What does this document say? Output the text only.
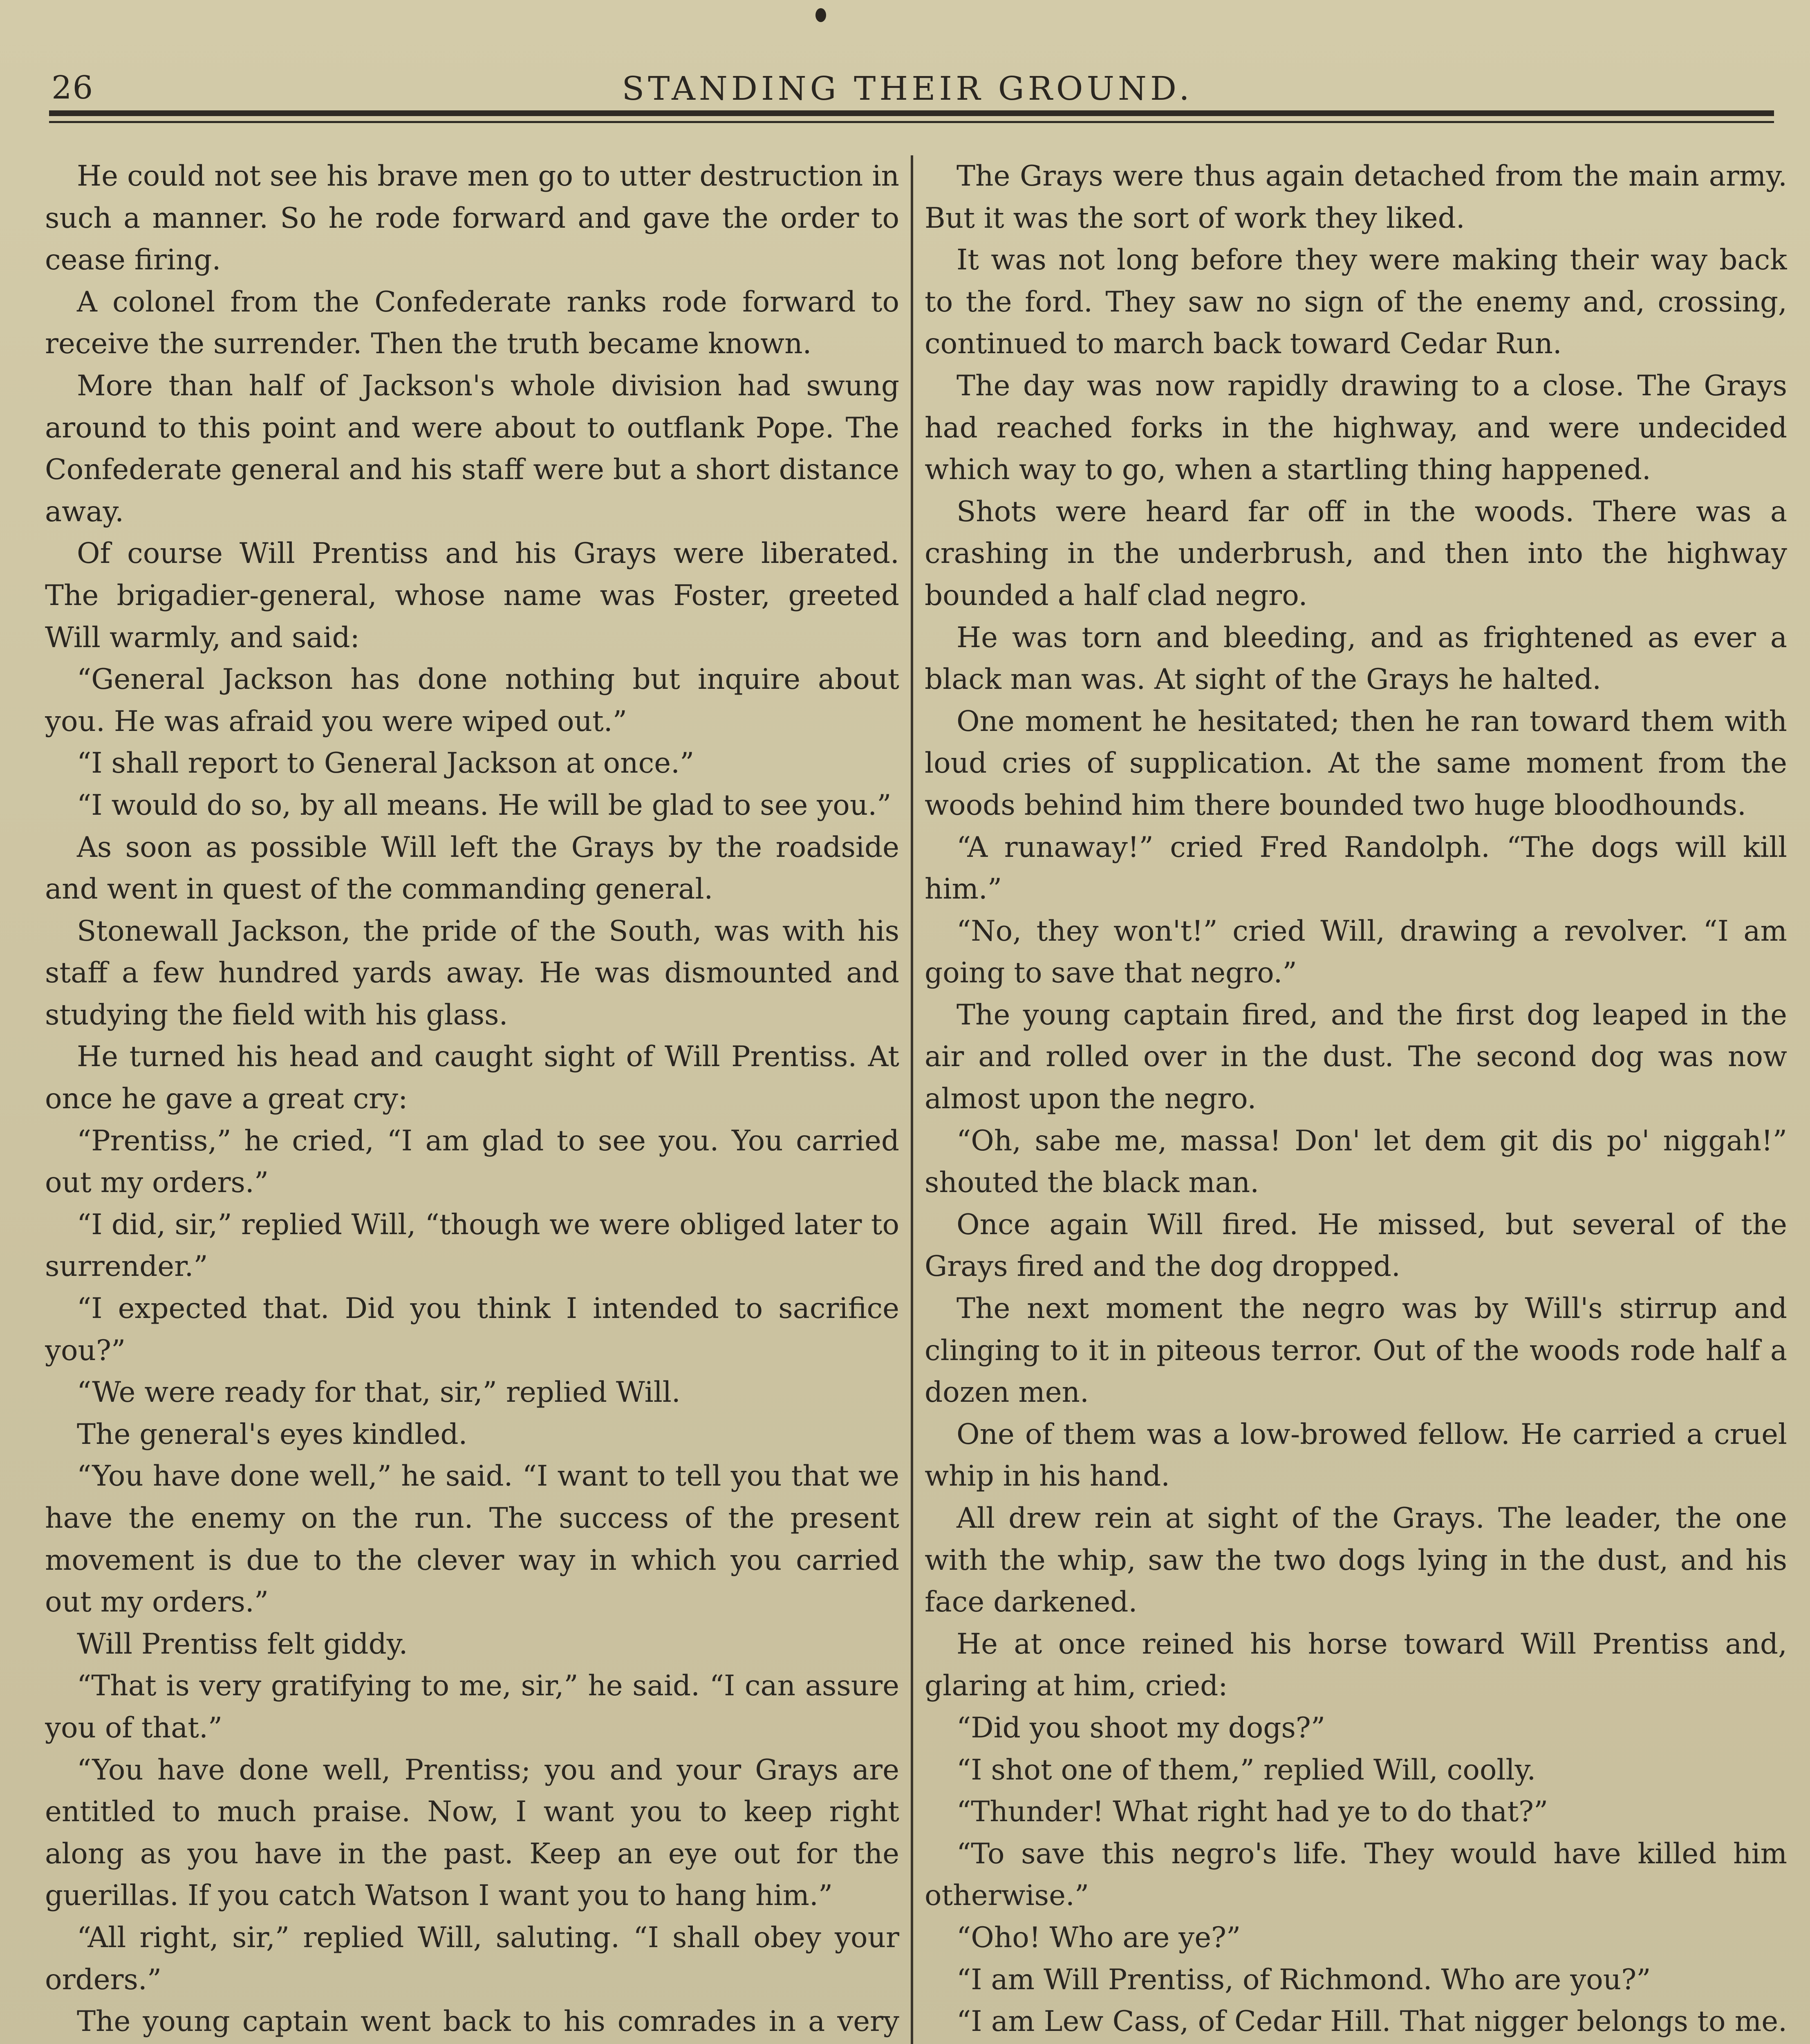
26	STANDING THEIR GROUND.

He could not see his brave men go to utter destruction in such a manner. So he rode forward and gave the order to cease firing.

A colonel from the Confederate ranks rode forward to receive the surrender. Then the truth became known.

More than half of Jackson's whole division had swung around to this point and were about to outflank Pope. The Confederate general and his staff were but a short distance away.

Of course Will Prentiss and his Grays were liberated. The brigadier-general, whose name was Foster, greeted Will warmly, and said:

“General Jackson has done nothing but inquire about you. He was afraid you were wiped out.”

“I shall report to General Jackson at once.”

“I would do so, by all means. He will be glad to see you.”

As soon as possible Will left the Grays by the roadside and went in quest of the commanding general.

Stonewall Jackson, the pride of the South, was with his staff a few hundred yards away. He was dismounted and studying the field with his glass.

He turned his head and caught sight of Will Prentiss. At once he gave a great cry:

“Prentiss,” he cried, “I am glad to see you. You carried out my orders.”

“I did, sir,” replied Will, “though we were obliged later to surrender.”

“I expected that. Did you think I intended to sacrifice you?”

“We were ready for that, sir,” replied Will.

The general's eyes kindled.

“You have done well,” he said. “I want to tell you that we have the enemy on the run. The success of the present movement is due to the clever way in which you carried out my orders.”

Will Prentiss felt giddy.

“That is very gratifying to me, sir,” he said. “I can assure you of that.”

“You have done well, Prentiss; you and your Grays are entitled to much praise. Now, I want you to keep right along as you have in the past. Keep an eye out for the guerillas. If you catch Watson I want you to hang him.”

“All right, sir,” replied Will, saluting. “I shall obey your orders.”

The young captain went back to his comrades in a very

The Grays were thus again detached from the main army. But it was the sort of work they liked.

It was not long before they were making their way back to the ford. They saw no sign of the enemy and, crossing, continued to march back toward Cedar Run.

The day was now rapidly drawing to a close. The Grays had reached forks in the highway, and were undecided which way to go, when a startling thing happened.

Shots were heard far off in the woods. There was a crashing in the underbrush, and then into the highway bounded a half clad negro.

He was torn and bleeding, and as frightened as ever a black man was. At sight of the Grays he halted.

One moment he hesitated; then he ran toward them with loud cries of supplication. At the same moment from the woods behind him there bounded two huge bloodhounds.

“A runaway!” cried Fred Randolph. “The dogs will kill him.”

“No, they won't!” cried Will, drawing a revolver. “I am going to save that negro.”

The young captain fired, and the first dog leaped in the air and rolled over in the dust. The second dog was now almost upon the negro.

“Oh, sabe me, massa! Don' let dem git dis po' niggah!” shouted the black man.

Once again Will fired. He missed, but several of the Grays fired and the dog dropped.

The next moment the negro was by Will's stirrup and clinging to it in piteous terror. Out of the woods rode half a dozen men.

One of them was a low-browed fellow. He carried a cruel whip in his hand.

All drew rein at sight of the Grays. The leader, the one with the whip, saw the two dogs lying in the dust, and his face darkened.

He at once reined his horse toward Will Prentiss and, glaring at him, cried:

“Did you shoot my dogs?”

“I shot one of them,” replied Will, coolly.

“Thunder! What right had ye to do that?”

“To save this negro's life. They would have killed him otherwise.”

“Oho! Who are ye?”

“I am Will Prentiss, of Richmond. Who are you?”

“I am Lew Cass, of Cedar Hill. That nigger belongs to me.
